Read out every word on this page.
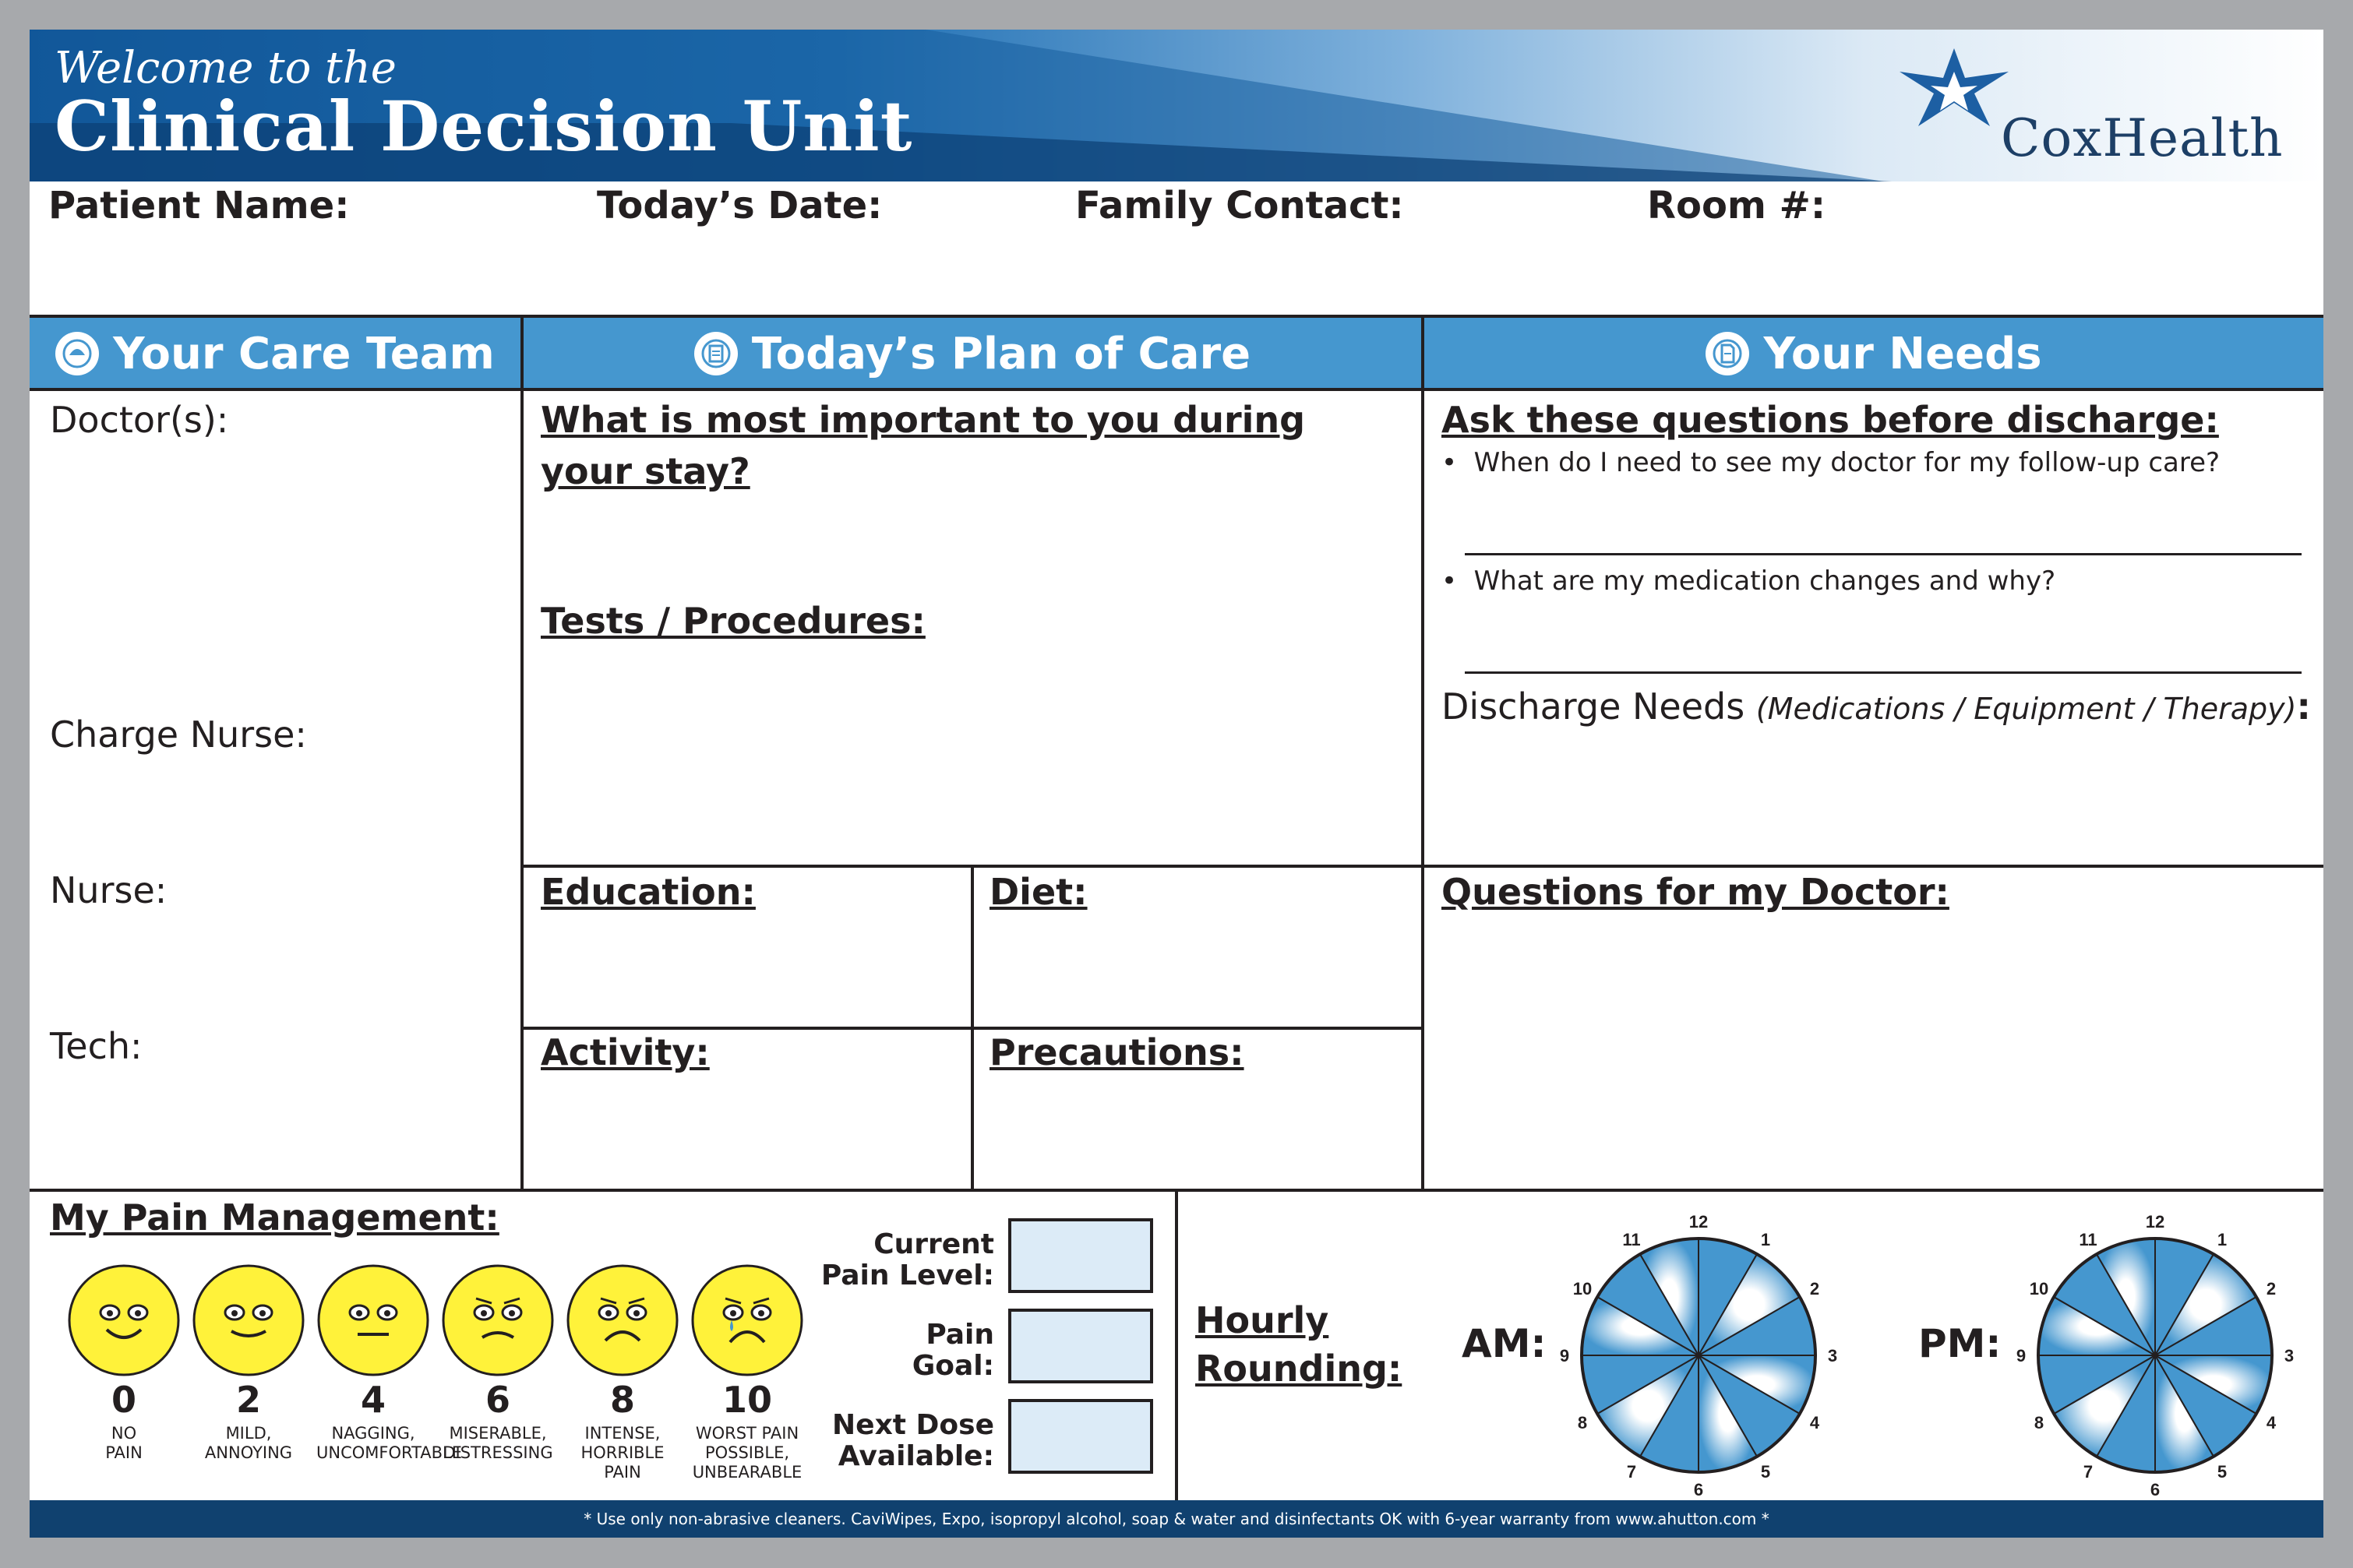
Welcome to the
Clinical Decision Unit	CoxHealth
Patient Name:	Today’s Date:	Family Contact:	Room #:
Your Care Team	Today’s Plan of Care	Your Needs
Doctor(s):
Charge Nurse:
Nurse:
Tech:
What is most important to you during
your stay?
Tests / Procedures:
Education:	Diet:
Activity:	Precautions:
Ask these questions before discharge:
•  When do I need to see my doctor for my follow-up care?
•  What are my medication changes and why?
Discharge Needs (Medications / Equipment / Therapy):
Questions for my Doctor:
My Pain Management:
0
NO
PAIN
2
MILD,
ANNOYING
4
NAGGING,
UNCOMFORTABLE
6
MISERABLE,
DISTRESSING
8
INTENSE,
HORRIBLE PAIN
10
WORST PAIN
POSSIBLE,
UNBEARABLE
Current
Pain Level:
Pain
Goal:
Next Dose
Available:
Hourly
Rounding:
AM:
12
1
2
3
4
5
6
7
8
9
10
11
PM:
12
1
2
3
4
5
6
7
8
9
10
11
* Use only non-abrasive cleaners. CaviWipes, Expo, isopropyl alcohol, soap & water and disinfectants OK with 6-year warranty from www.ahutton.com *
